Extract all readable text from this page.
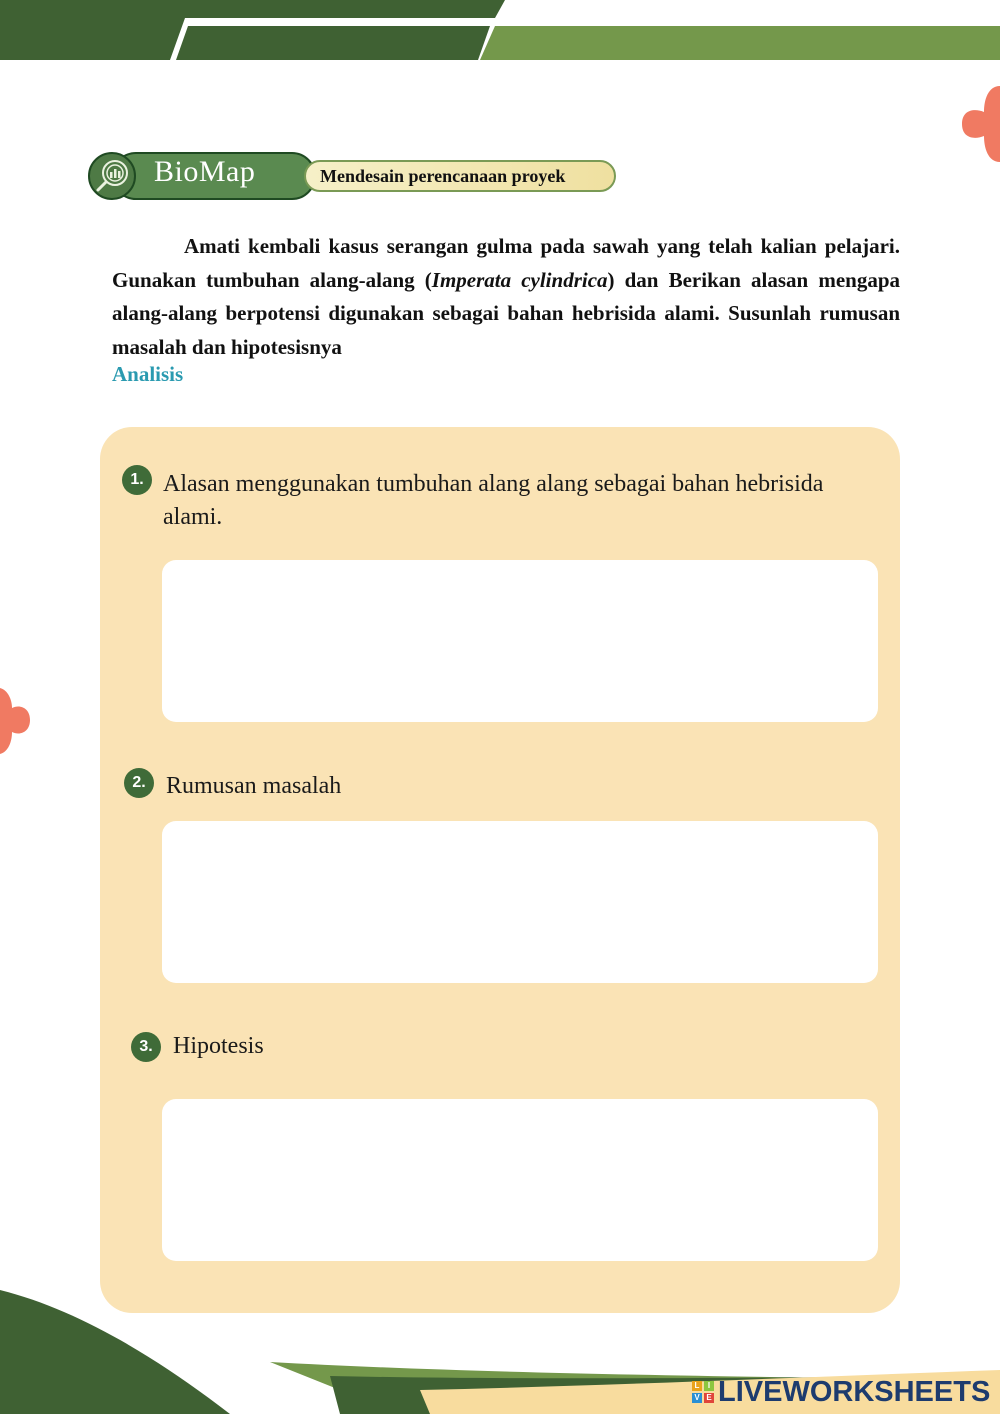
BioMap	Mendesain perencanaan proyek

Amati kembali kasus serangan gulma pada sawah yang telah kalian pelajari. Gunakan tumbuhan alang-alang (Imperata cylindrica) dan Berikan alasan mengapa alang-alang berpotensi digunakan sebagai bahan hebrisida alami. Susunlah rumusan masalah dan hipotesisnya

Analisis
1. Alasan menggunakan tumbuhan alang alang sebagai bahan hebrisida alami.
2. Rumusan masalah
3. Hipotesis
L	I
V E LIVEWORKSHEETS
